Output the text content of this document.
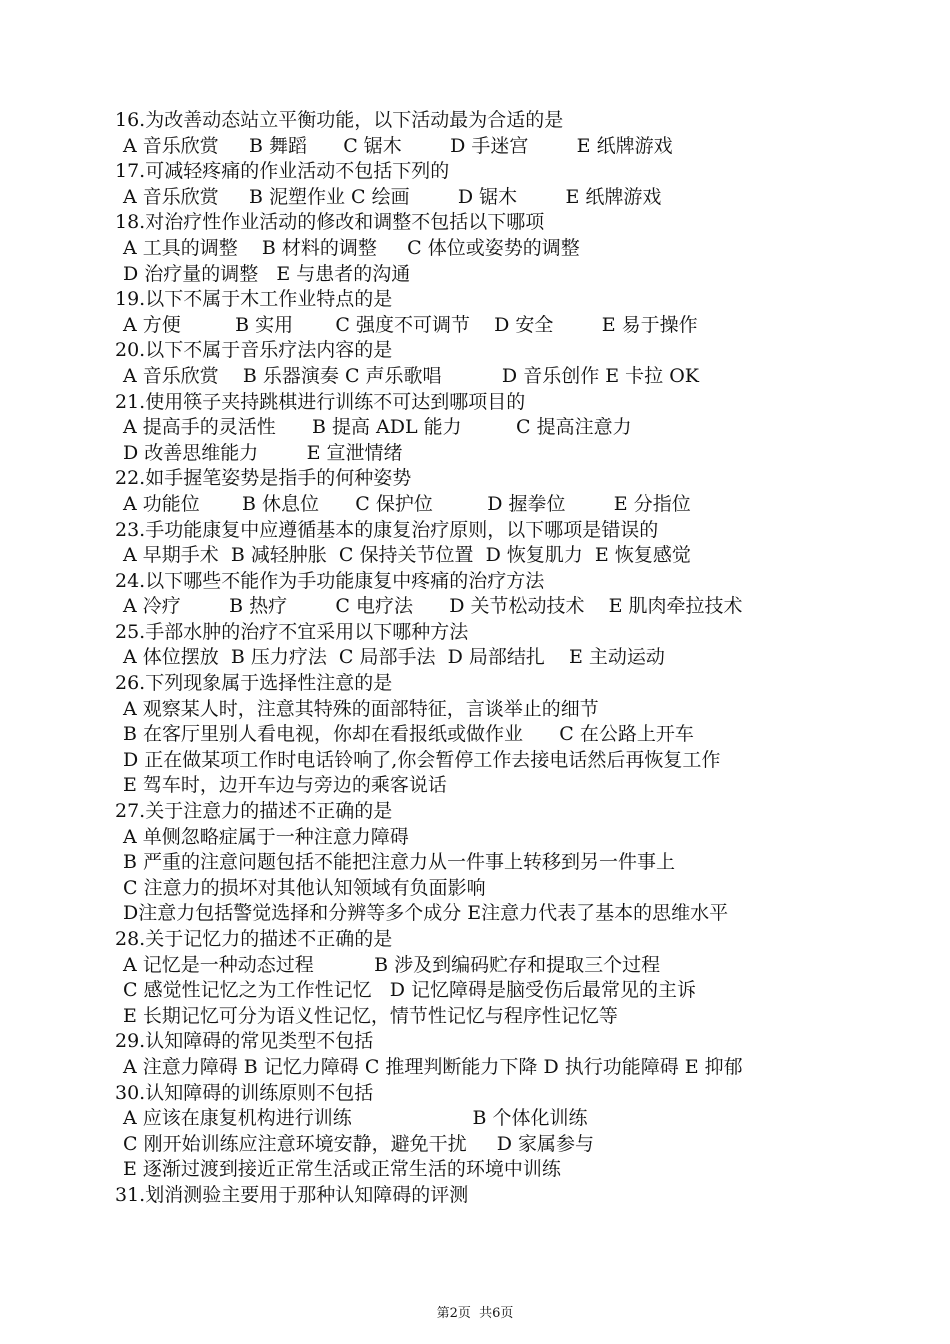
16.为改善动态站立平衡功能，以下活动最为合适的是
A 音乐欣赏     B 舞蹈      C 锯木        D 手迷宫        E 纸牌游戏
17.可减轻疼痛的作业活动不包括下列的
A 音乐欣赏     B 泥塑作业 C 绘画        D 锯木        E 纸牌游戏
18.对治疗性作业活动的修改和调整不包括以下哪项
A 工具的调整    B 材料的调整     C 体位或姿势的调整
D 治疗量的调整   E 与患者的沟通
19.以下不属于木工作业特点的是
A 方便         B 实用       C 强度不可调节    D 安全        E 易于操作
20.以下不属于音乐疗法内容的是
A 音乐欣赏    B 乐器演奏 C 声乐歌唱          D 音乐创作 E 卡拉 OK
21.使用筷子夹持跳棋进行训练不可达到哪项目的
A 提高手的灵活性      B 提高 ADL 能力         C 提高注意力
D 改善思维能力        E 宣泄情绪
22.如手握笔姿势是指手的何种姿势
A 功能位       B 休息位      C 保护位         D 握拳位        E 分指位
23.手功能康复中应遵循基本的康复治疗原则，以下哪项是错误的
A 早期手术  B 减轻肿胀  C 保持关节位置  D 恢复肌力  E 恢复感觉
24.以下哪些不能作为手功能康复中疼痛的治疗方法
A 冷疗        B 热疗        C 电疗法      D 关节松动技术    E 肌肉牵拉技术
25.手部水肿的治疗不宜采用以下哪种方法
A 体位摆放  B 压力疗法  C 局部手法  D 局部结扎    E 主动运动
26.下列现象属于选择性注意的是
A 观察某人时，注意其特殊的面部特征，言谈举止的细节
B 在客厅里别人看电视，你却在看报纸或做作业      C 在公路上开车
D 正在做某项工作时电话铃响了,你会暂停工作去接电话然后再恢复工作
E 驾车时，边开车边与旁边的乘客说话
27.关于注意力的描述不正确的是
A 单侧忽略症属于一种注意力障碍
B 严重的注意问题包括不能把注意力从一件事上转移到另一件事上
C 注意力的损坏对其他认知领域有负面影响
D注意力包括警觉选择和分辨等多个成分 E注意力代表了基本的思维水平
28.关于记忆力的描述不正确的是
A 记忆是一种动态过程          B 涉及到编码贮存和提取三个过程
C 感觉性记忆之为工作性记忆   D 记忆障碍是脑受伤后最常见的主诉
E 长期记忆可分为语义性记忆，情节性记忆与程序性记忆等
29.认知障碍的常见类型不包括
A 注意力障碍 B 记忆力障碍 C 推理判断能力下降 D 执行功能障碍 E 抑郁
30.认知障碍的训练原则不包括
A 应该在康复机构进行训练                    B 个体化训练
C 刚开始训练应注意环境安静，避免干扰     D 家属参与
E 逐渐过渡到接近正常生活或正常生活的环境中训练
31.划消测验主要用于那种认知障碍的评测
第2页  共6页
